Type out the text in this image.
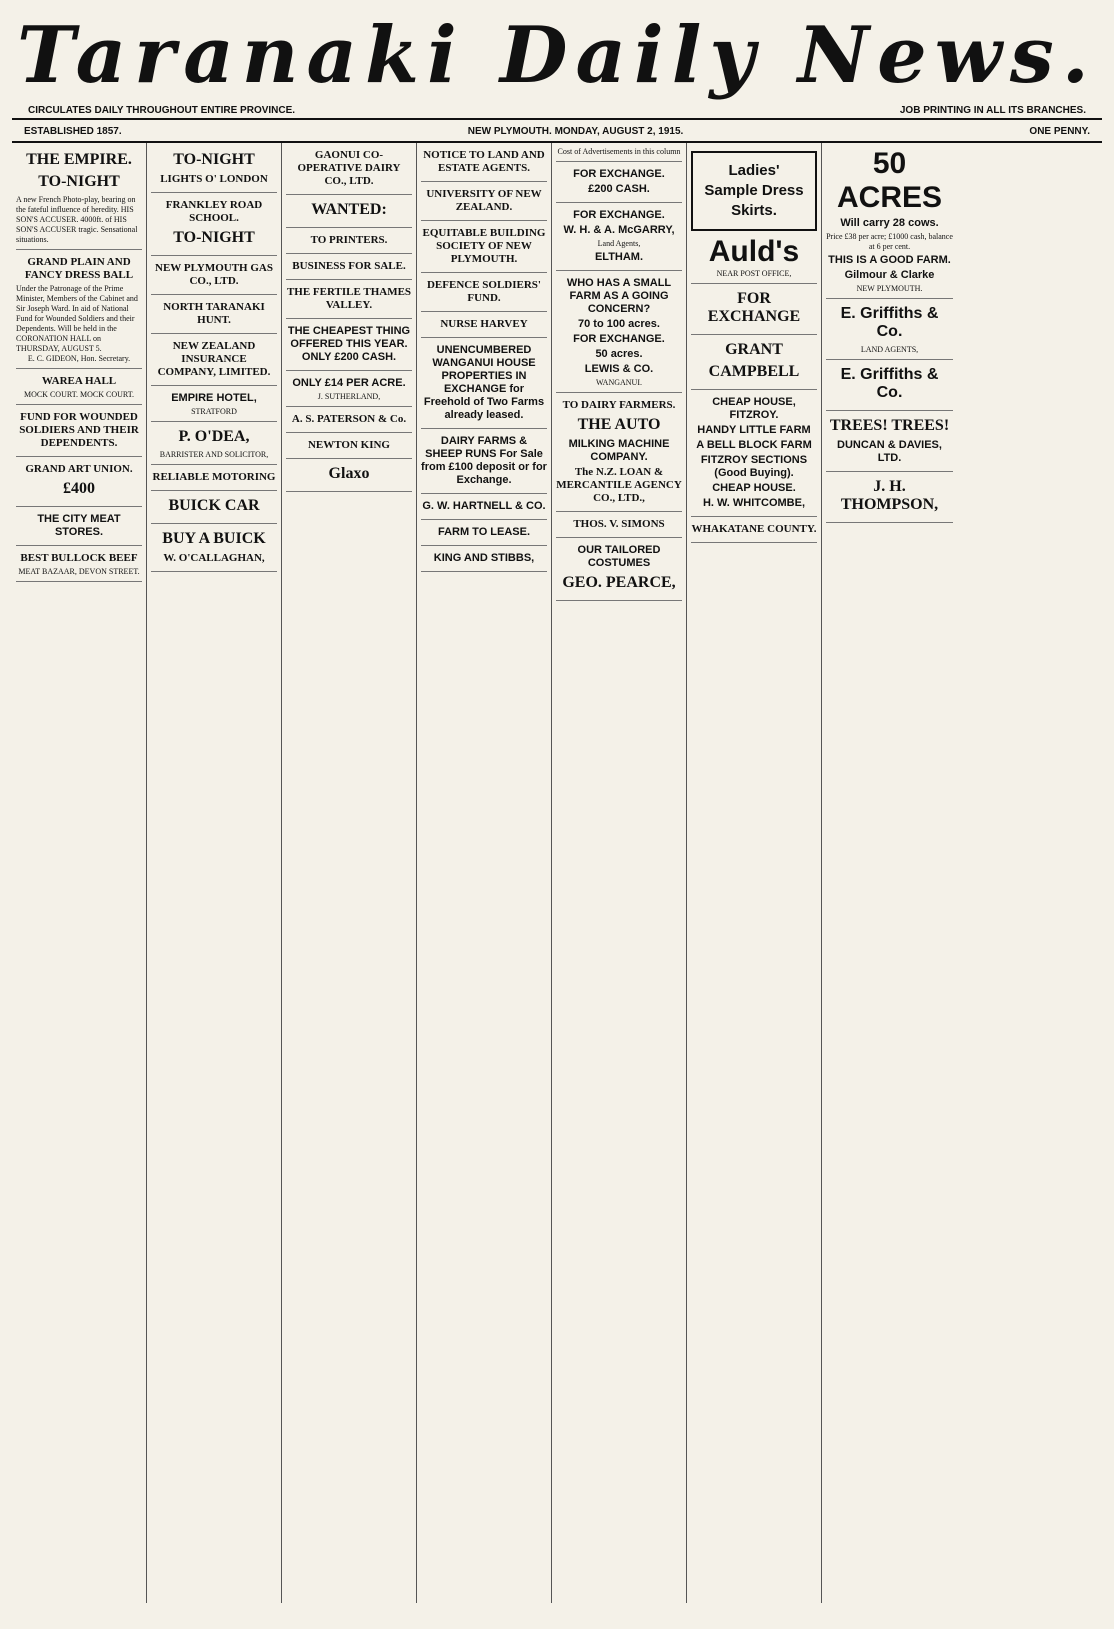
Taranaki Daily News.
CIRCULATES DAILY THROUGHOUT ENTIRE PROVINCE.	JOB PRINTING IN ALL ITS BRANCHES.
ESTABLISHED 1857.	NEW PLYMOUTH. MONDAY, AUGUST 2, 1915.	ONE PENNY.
THE EMPIRE.
TO-NIGHT
A new French Photo-play, bearing on the fateful influence of heredity. HIS SON'S ACCUSER. 4000ft. of HIS SON'S ACCUSER tragic. Sensational situations.
GRAND PLAIN AND FANCY DRESS BALL
Under the Patronage of the Prime Minister, Members of the Cabinet and Sir Joseph Ward. In aid of National Fund for Wounded Soldiers and their Dependents. Will be held in the CORONATION HALL on THURSDAY, AUGUST 5.
E. C. GIDEON, Hon. Secretary.
WAREA HALL
MOCK COURT. MOCK COURT.
FUND FOR WOUNDED SOLDIERS AND THEIR DEPENDENTS.
GRAND ART UNION.
£400
THE CITY MEAT STORES.
BEST BULLOCK BEEF
MEAT BAZAAR, DEVON STREET.
TO-NIGHT
LIGHTS O' LONDON
FRANKLEY ROAD SCHOOL.
TO-NIGHT
NEW PLYMOUTH GAS CO., LTD.
NORTH TARANAKI HUNT.
NEW ZEALAND INSURANCE COMPANY, LIMITED.
EMPIRE HOTEL,
STRATFORD
P. O'DEA,
BARRISTER AND SOLICITOR,
RELIABLE MOTORING
BUICK CAR
BUY A BUICK
W. O'CALLAGHAN,
GAONUI CO-OPERATIVE DAIRY CO., LTD.
WANTED:
TO PRINTERS.
BUSINESS FOR SALE.
THE FERTILE THAMES VALLEY.
THE CHEAPEST THING OFFERED THIS YEAR. ONLY £200 CASH.
ONLY £14 PER ACRE.
J. SUTHERLAND,
A. S. PATERSON & Co.
NEWTON KING
Glaxo
NOTICE TO LAND AND ESTATE AGENTS.
UNIVERSITY OF NEW ZEALAND.
EQUITABLE BUILDING SOCIETY OF NEW PLYMOUTH.
DEFENCE SOLDIERS' FUND.
NURSE HARVEY
UNENCUMBERED WANGANUI HOUSE PROPERTIES IN EXCHANGE for Freehold of Two Farms already leased.
DAIRY FARMS & SHEEP RUNS For Sale from £100 deposit or for Exchange.
G. W. HARTNELL & CO.
FARM TO LEASE.
KING AND STIBBS,
Cost of Advertisements in this column
FOR EXCHANGE.
£200 CASH.
FOR EXCHANGE.
W. H. & A. McGARRY,
Land Agents,
ELTHAM.
WHO HAS A SMALL FARM AS A GOING CONCERN?
70 to 100 acres.
FOR EXCHANGE.
50 acres.
LEWIS & CO.
WANGANUI.
TO DAIRY FARMERS.
THE AUTO
MILKING MACHINE COMPANY.
The N.Z. LOAN & MERCANTILE AGENCY CO., LTD.,
THOS. V. SIMONS
OUR TAILORED COSTUMES
GEO. PEARCE,
Ladies' Sample Dress Skirts.
Auld's
NEAR POST OFFICE,
FOR EXCHANGE
GRANT
CAMPBELL
CHEAP HOUSE, FITZROY.
HANDY LITTLE FARM
A BELL BLOCK FARM
FITZROY SECTIONS (Good Buying).
CHEAP HOUSE.
H. W. WHITCOMBE,
WHAKATANE COUNTY.
50
ACRES
Will carry 28 cows.
Price £38 per acre; £1000 cash, balance at 6 per cent.
THIS IS A GOOD FARM.
Gilmour & Clarke
NEW PLYMOUTH.
E. Griffiths & Co.
LAND AGENTS,
E. Griffiths & Co.
TREES! TREES!
DUNCAN & DAVIES, LTD.
J. H. THOMPSON,
